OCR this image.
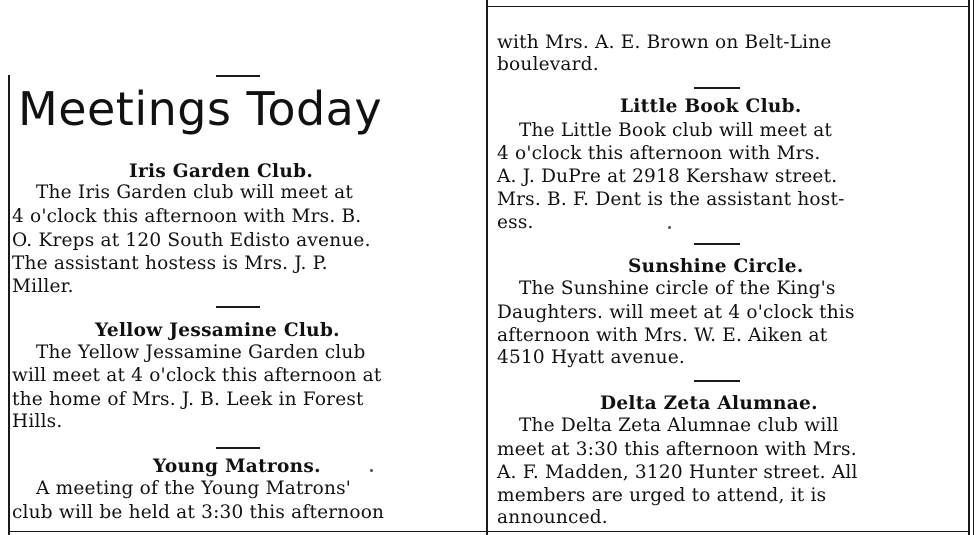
Meetings Today
Iris Garden Club.
The Iris Garden club will meet at
4 o'clock this afternoon with Mrs. B.
O. Kreps at 120 South Edisto avenue.
The assistant hostess is Mrs. J. P.
Miller.
Yellow Jessamine Club.
The Yellow Jessamine Garden club
will meet at 4 o'clock this afternoon at
the home of Mrs. J. B. Leek in Forest
Hills.
Young Matrons.
A meeting of the Young Matrons'
club will be held at 3:30 this afternoon
with Mrs. A. E. Brown on Belt-Line
boulevard.
Little Book Club.
The Little Book club will meet at
4 o'clock this afternoon with Mrs.
A. J. DuPre at 2918 Kershaw street.
Mrs. B. F. Dent is the assistant host-
ess.
Sunshine Circle.
The Sunshine circle of the King's
Daughters. will meet at 4 o'clock this
afternoon with Mrs. W. E. Aiken at
4510 Hyatt avenue.
Delta Zeta Alumnae.
The Delta Zeta Alumnae club will
meet at 3:30 this afternoon with Mrs.
A. F. Madden, 3120 Hunter street. All
members are urged to attend, it is
announced.
